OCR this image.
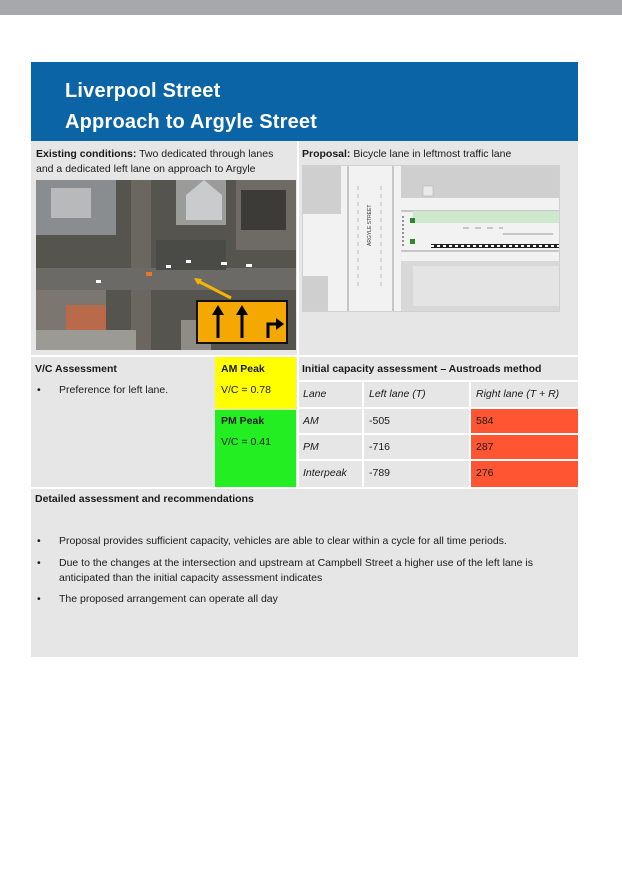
Liverpool Street
Approach to Argyle Street
Existing conditions: Two dedicated through lanes
and a dedicated left lane on approach to Argyle
Proposal: Bicycle lane in leftmost traffic lane
ARGYLE STREET
V/C Assessment
• Preference for left lane.
AM Peak
V/C = 0.78
PM Peak
V/C = 0.41
Initial capacity assessment – Austroads method
Lane	Left lane (T)	Right lane (T + R)
AM	-505	584
PM	-716	287
Interpeak -789	276
Detailed assessment and recommendations
• Proposal provides sufficient capacity, vehicles are able to clear within a cycle for all time periods.
• Due to the changes at the intersection and upstream at Campbell Street a higher use of the left lane is
anticipated than the initial capacity assessment indicates
• The proposed arrangement can operate all day
